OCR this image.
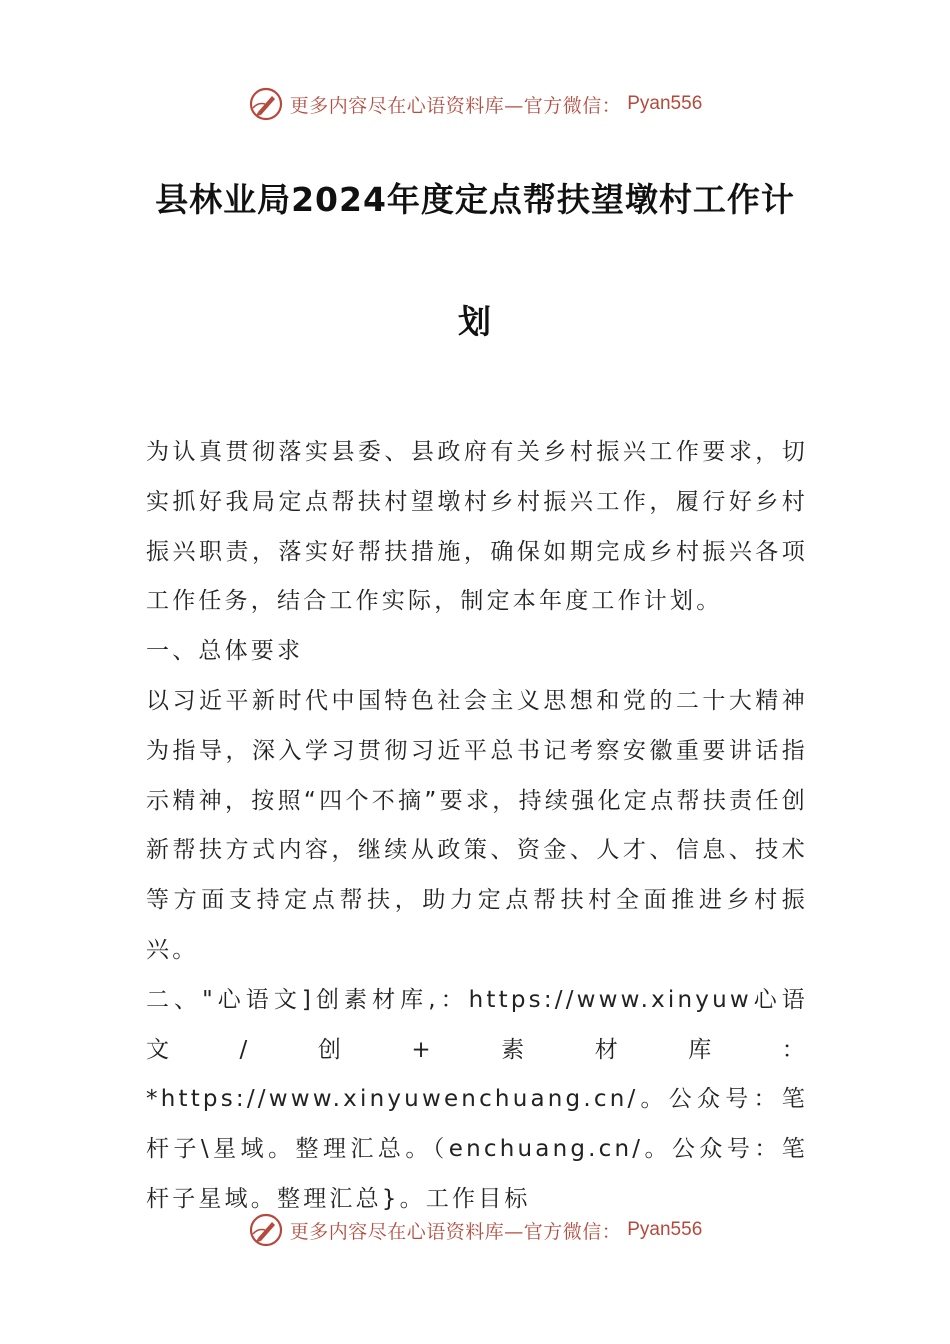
更多内容尽在心语资料库—官方微信： Pyan556
县林业局2024年度定点帮扶望墩村工作计
划

为认真贯彻落实县委、县政府有关乡村振兴工作要求，切实抓好我局定点帮扶村望墩村乡村振兴工作，履行好乡村振兴职责，落实好帮扶措施，确保如期完成乡村振兴各项工作任务，结合工作实际，制定本年度工作计划。

一、总体要求

以习近平新时代中国特色社会主义思想和党的二十大精神为指导，深入学习贯彻习近平总书记考察安徽重要讲话指示精神，按照“四个不摘”要求，持续强化定点帮扶责任创新帮扶方式内容，继续从政策、资金、人才、信息、技术等方面支持定点帮扶，助力定点帮扶村全面推进乡村振兴。

二、"心语文]创素材库,：https://www.xinyuw心语文/创+素材库：*https://www.xinyuwenchuang.cn/。公众号：笔杆子\星域。整理汇总。（enchuang.cn/。公众号：笔杆子星域。整理汇总}。工作目标

更多内容尽在心语资料库—官方微信： Pyan556
